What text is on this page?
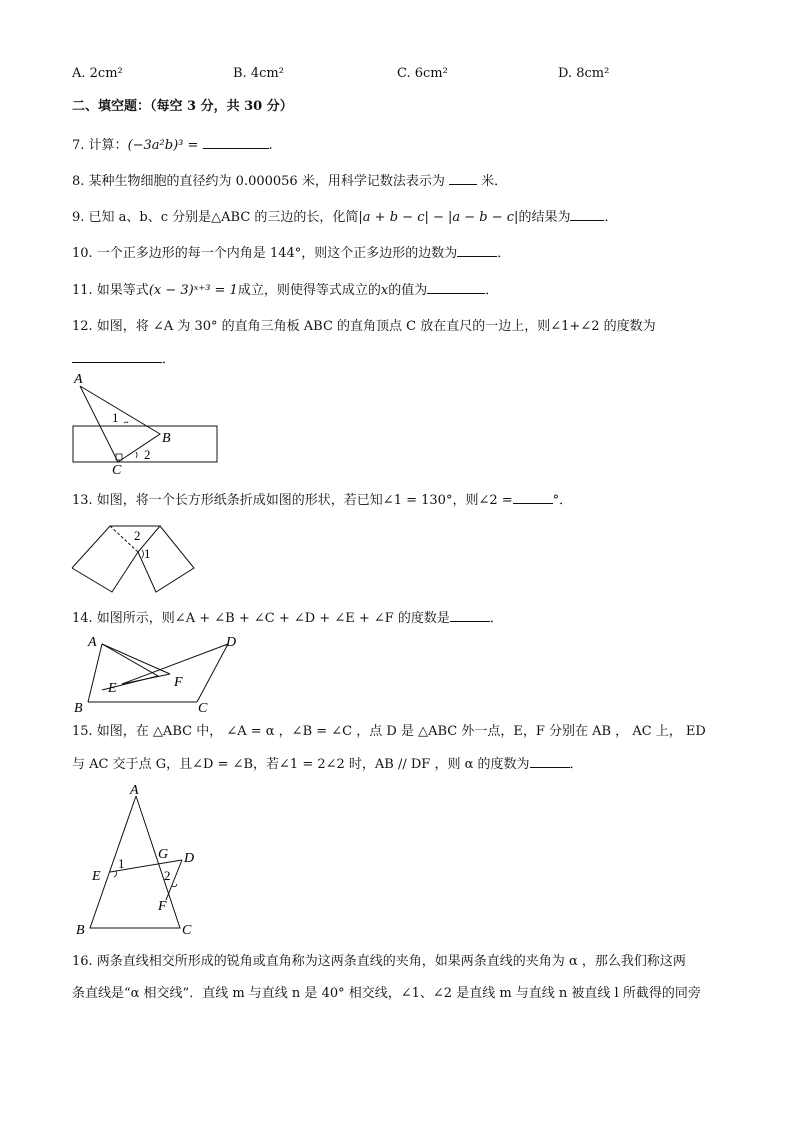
A. 2cm²	B. 4cm²	C. 6cm²	D. 8cm²
二、填空题：（每空 3 分，共 30 分）
7. 计算：(−3a²b)³ =	.
8. 某种生物细胞的直径约为 0.000056 米，用科学记数法表示为	米．
9. 已知 a、b、c 分别是△ABC 的三边的长，化简|a + b − c| − |a − b − c|的结果为	．
10. 一个正多边形的每一个内角是 144°，则这个正多边形的边数为	．
11. 如果等式(x − 3)ˣ⁺³ = 1成立，则使得等式成立的x的值为	．
12. 如图，将 ∠A 为 30° 的直角三角板 ABC 的直角顶点 C 放在直尺的一边上，则∠1+∠2 的度数为
．
A
B
C
1
2
13. 如图，将一个长方形纸条折成如图的形状，若已知∠1 = 130°，则∠2 =	°．
2
1
14. 如图所示，则∠A + ∠B + ∠C + ∠D + ∠E + ∠F 的度数是	．
A
B	C
D
E	F
15. 如图，在 △ABC 中， ∠A = α ，∠B = ∠C ，点 D 是 △ABC 外一点，E，F 分别在 AB ， AC 上， ED
与 AC 交于点 G，且∠D = ∠B，若∠1 = 2∠2 时，AB // DF ，则 α 的度数为	．
A
B	C
D
E
F
G
1
2
16. 两条直线相交所形成的锐角或直角称为这两条直线的夹角，如果两条直线的夹角为 α ，那么我们称这两
条直线是“α 相交线”．直线 m 与直线 n 是 40° 相交线，∠1、∠2 是直线 m 与直线 n 被直线 l 所截得的同旁
